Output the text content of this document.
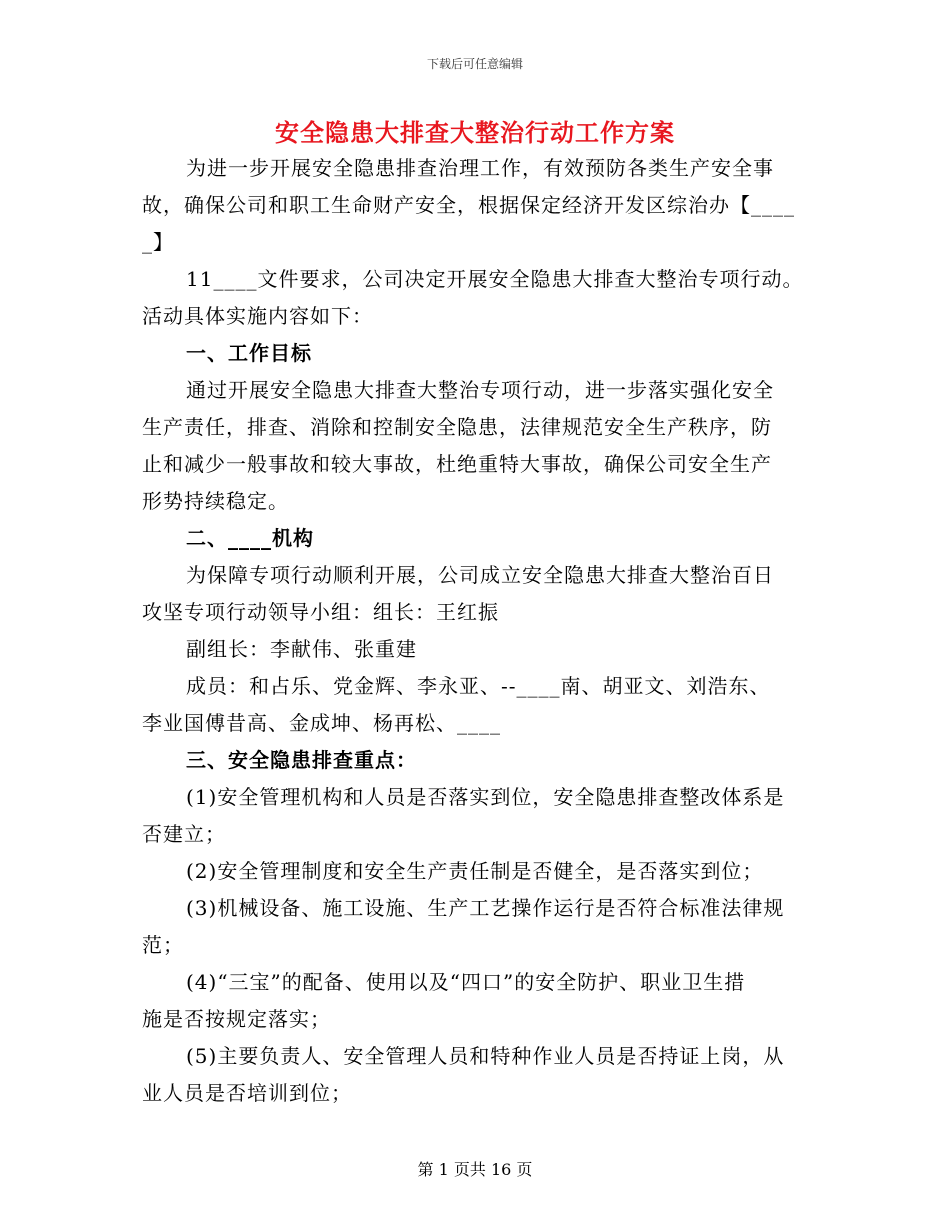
下载后可任意编辑
安全隐患大排查大整治行动工作方案
为进一步开展安全隐患排查治理工作，有效预防各类生产安全事
故，确保公司和职工生命财产安全，根据保定经济开发区综治办【____
_】
11____文件要求，公司决定开展安全隐患大排查大整治专项行动。
活动具体实施内容如下：
一、工作目标
通过开展安全隐患大排查大整治专项行动，进一步落实强化安全
生产责任，排查、消除和控制安全隐患，法律规范安全生产秩序，防
止和减少一般事故和较大事故，杜绝重特大事故，确保公司安全生产
形势持续稳定。
二、____机构
为保障专项行动顺利开展，公司成立安全隐患大排查大整治百日
攻坚专项行动领导小组：组长：王红振
副组长：李献伟、张重建
成员：和占乐、党金辉、李永亚、--____南、胡亚文、刘浩东、
李业国傅昔高、金成坤、杨再松、____
三、安全隐患排查重点：
(1)安全管理机构和人员是否落实到位，安全隐患排查整改体系是
否建立；
(2)安全管理制度和安全生产责任制是否健全，是否落实到位；
(3)机械设备、施工设施、生产工艺操作运行是否符合标准法律规
范；
(4)“三宝”的配备、使用以及“四口”的安全防护、职业卫生措
施是否按规定落实；
(5)主要负责人、安全管理人员和特种作业人员是否持证上岗，从
业人员是否培训到位；
第 1 页共 16 页
